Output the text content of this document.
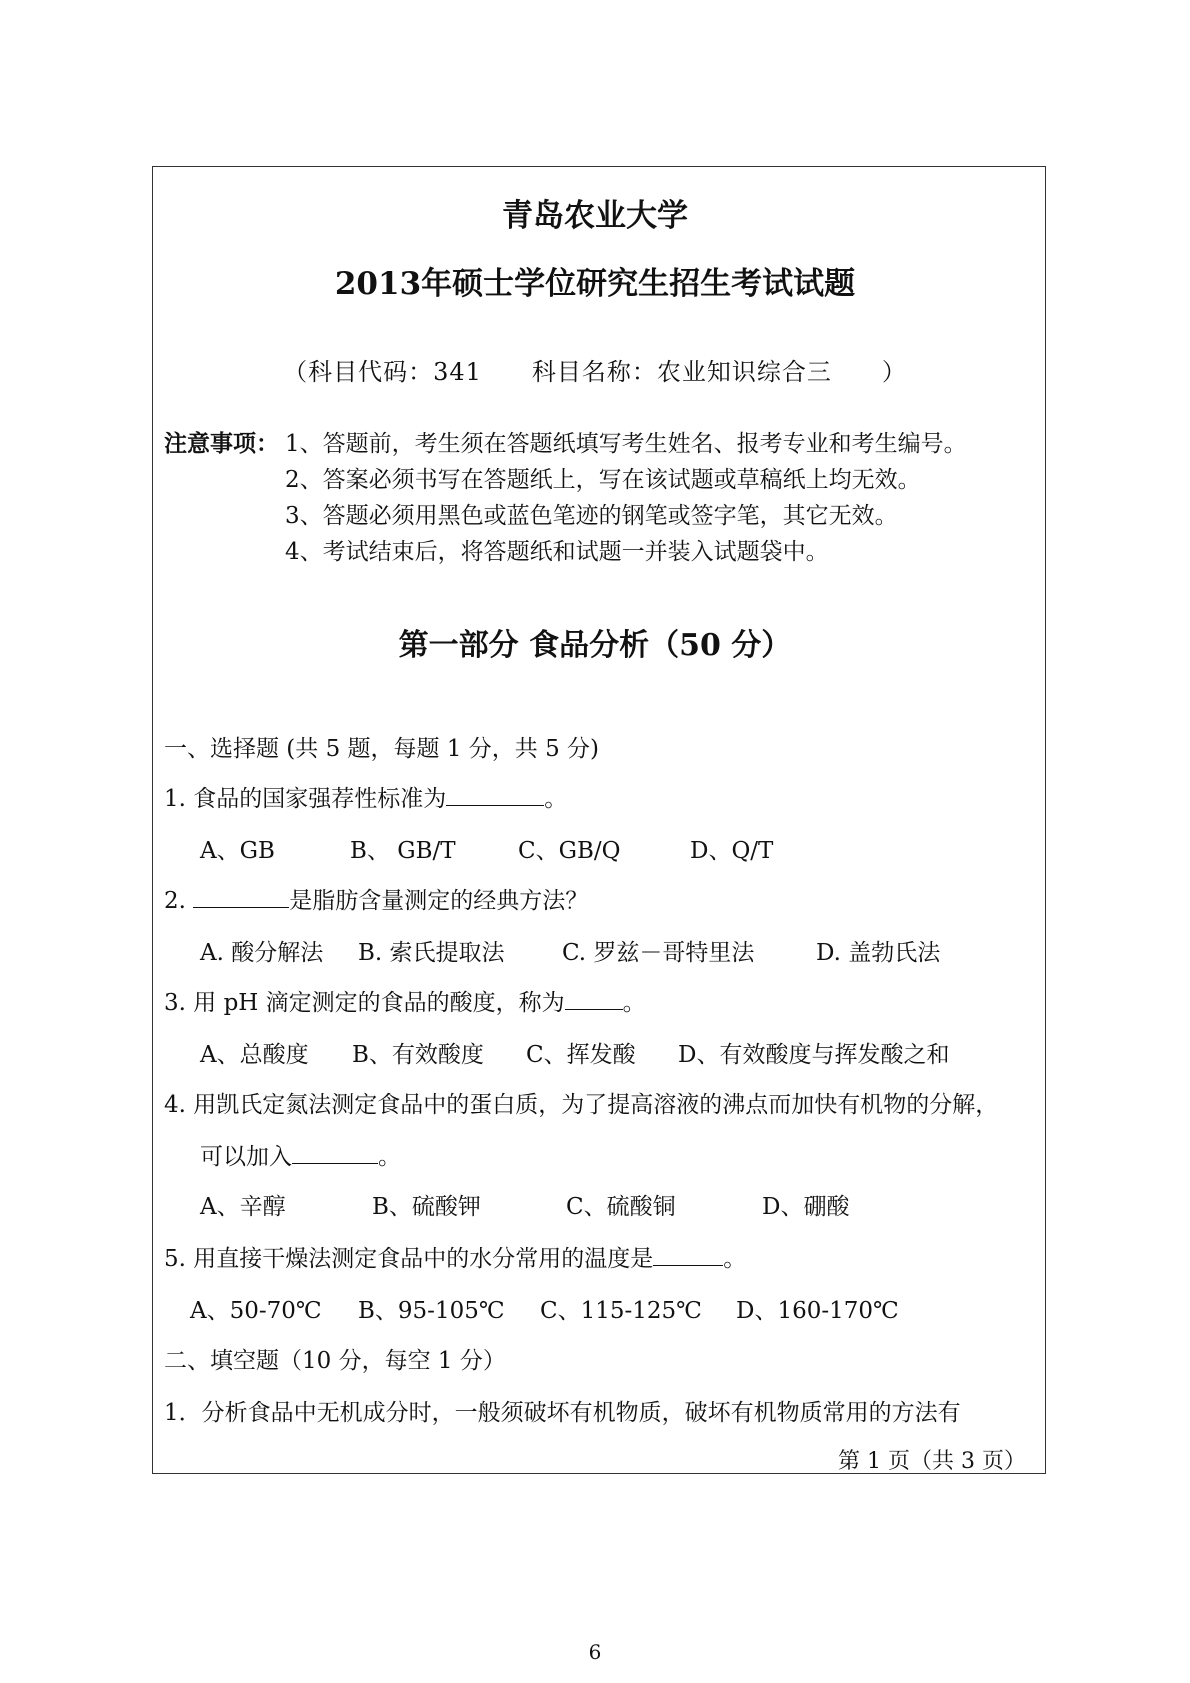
青岛农业大学
2013年硕士学位研究生招生考试试题
（科目代码：341 科目名称：农业知识综合三 ）
注意事项： 1、答题前，考生须在答题纸填写考生姓名、报考专业和考生编号。
2、答案必须书写在答题纸上，写在该试题或草稿纸上均无效。
3、答题必须用黑色或蓝色笔迹的钢笔或签字笔，其它无效。
4、考试结束后，将答题纸和试题一并装入试题袋中。
第一部分 食品分析（50 分）
一、选择题 (共 5 题，每题 1 分，共 5 分)
1. 食品的国家强荐性标准为	。
A、GB	B、 GB/T	C、GB/Q	D、Q/T
2.	是脂肪含量测定的经典方法？
A. 酸分解法 B. 索氏提取法 C. 罗兹－哥特里法	D. 盖勃氏法
3. 用 pH 滴定测定的食品的酸度，称为	。
A、总酸度 B、有效酸度 C、挥发酸 D、有效酸度与挥发酸之和
4. 用凯氏定氮法测定食品中的蛋白质，为了提高溶液的沸点而加快有机物的分解，
可以加入	。
A、辛醇	B、硫酸钾	C、硫酸铜	D、硼酸
5. 用直接干燥法测定食品中的水分常用的温度是	。
A、50-70℃ B、95-105℃ C、115-125℃ D、160-170℃
二、填空题（10 分，每空 1 分）
1．分析食品中无机成分时，一般须破坏有机物质，破坏有机物质常用的方法有
第 1 页（共 3 页）
6
